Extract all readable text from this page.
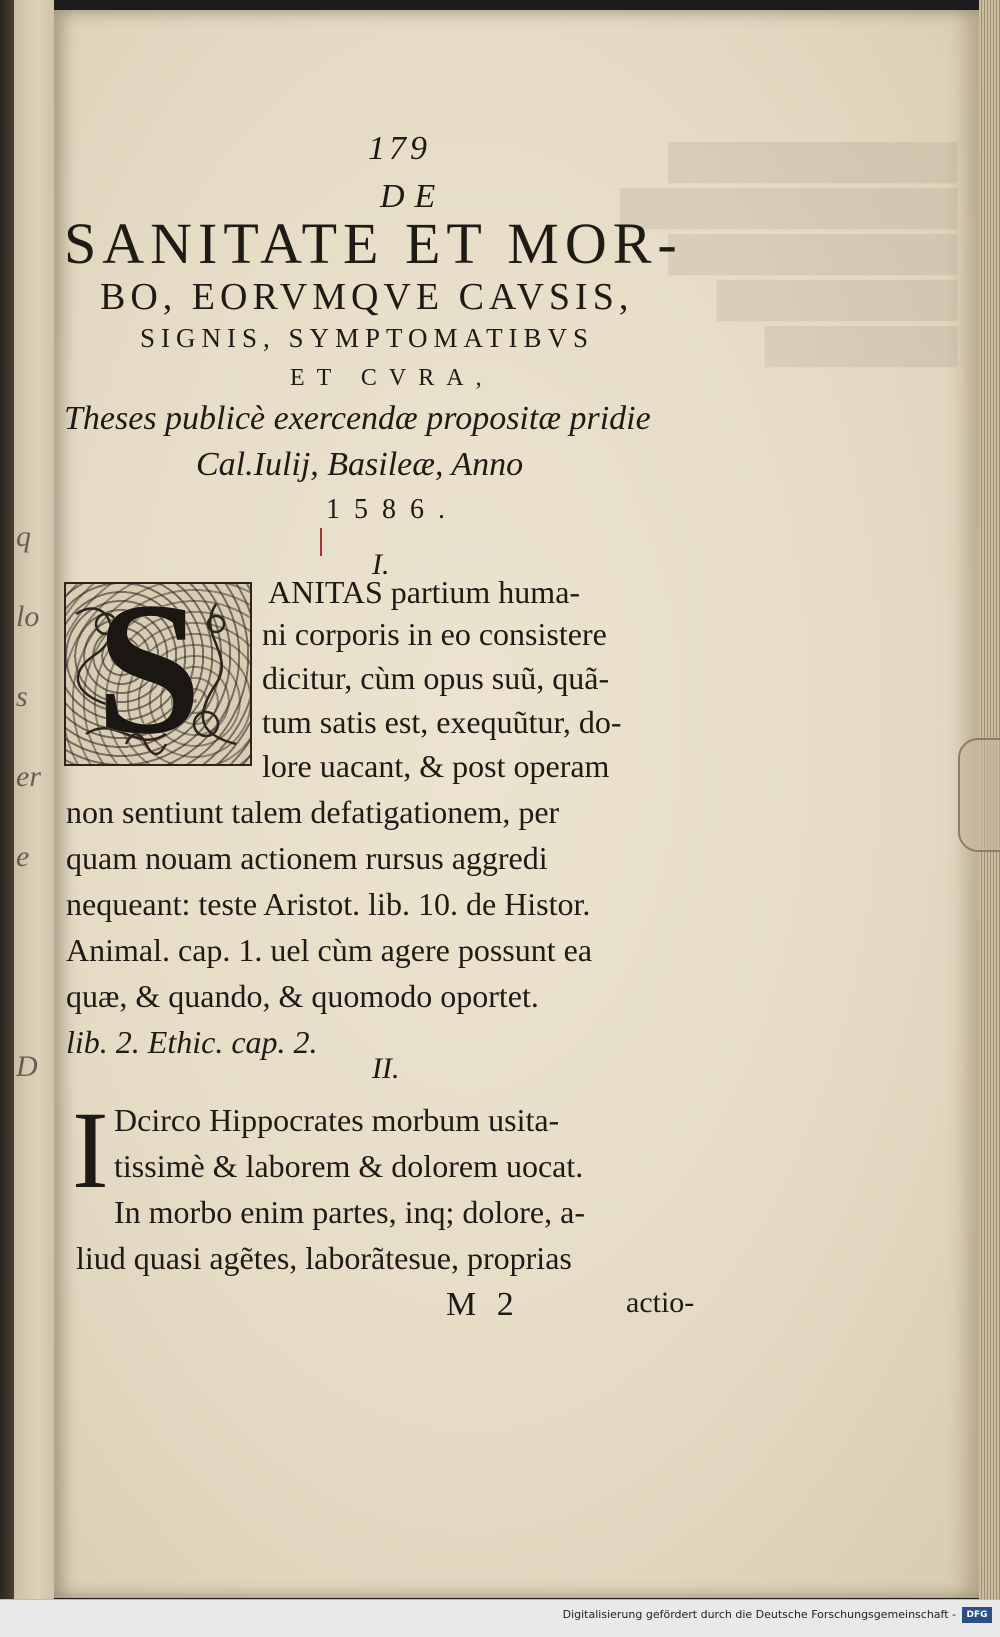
q
lo
s
er
e
D
████████████
██████████████
████████████
██████████
████████
179
DE
SANITATE ET MOR-
BO, EORVMQVE CAVSIS,
SIGNIS, SYMPTOMATIBVS
ET CVRA,
Theses publicè exercendæ propositæ pridie
Cal.Iulij, Basileæ, Anno
1586.
I.
S ANITAS partium huma-
ni corporis in eo consistere
dicitur, cùm opus suũ, quã-
tum satis est, exequũtur, do-
lore uacant, & post operam
non sentiunt talem defatigationem, per
quam nouam actionem rursus aggredi
nequeant: teste Aristot. lib. 10. de Histor.
Animal. cap. 1. uel cùm agere possunt ea
quæ, & quando, & quomodo oportet.
lib. 2. Ethic. cap. 2.
II.
I Dcirco Hippocrates morbum usita-
tissimè & laborem & dolorem uocat.
In morbo enim partes, inq; dolore, a-
liud quasi agẽtes, laborãtesue, proprias
M 2	actio-
Digitalisierung gefördert durch die Deutsche Forschungsgemeinschaft -	DFG
